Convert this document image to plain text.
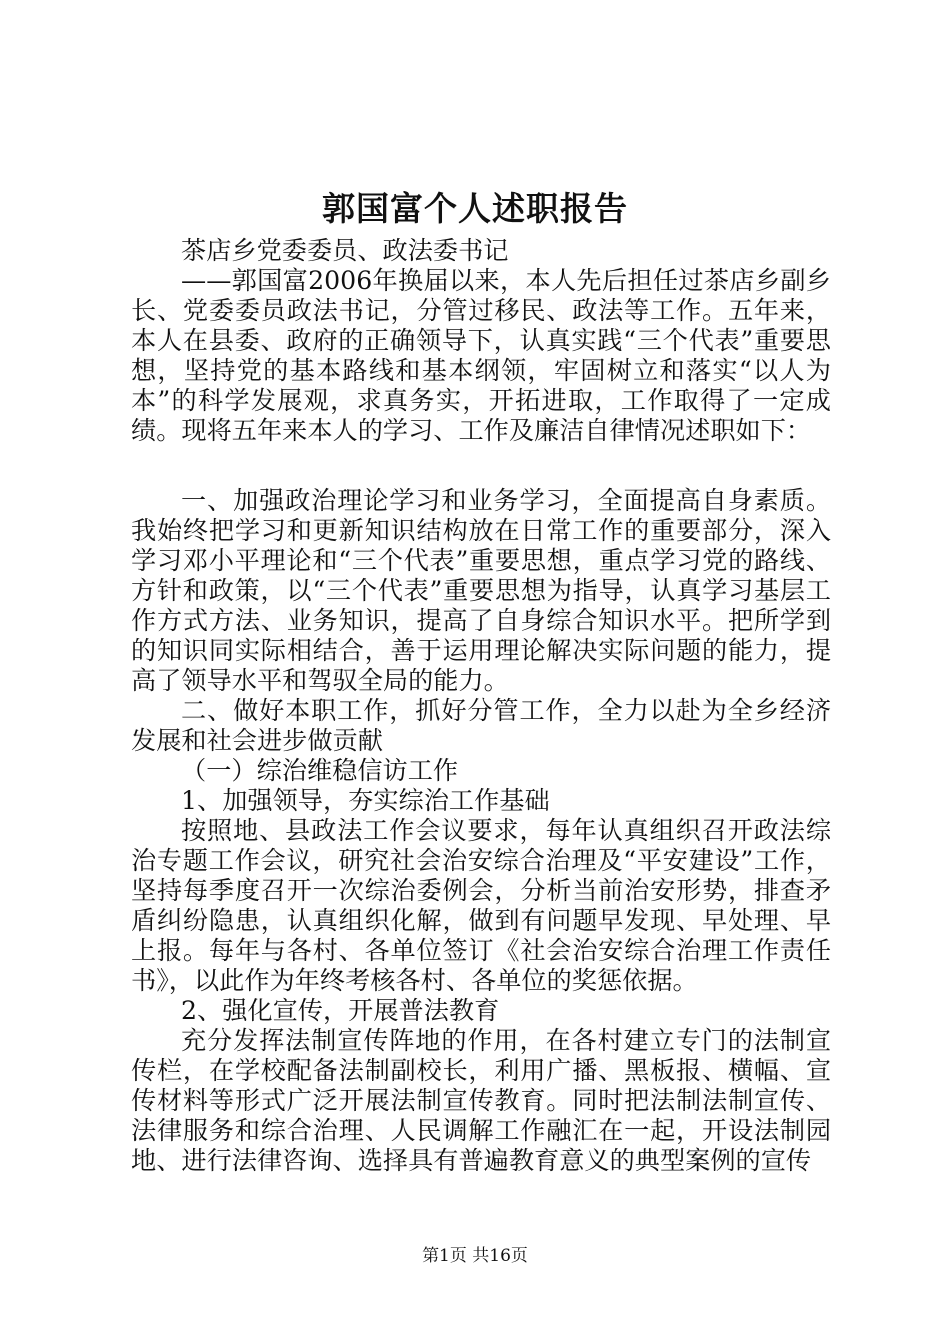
郭国富个人述职报告

茶店乡党委委员、政法委书记

——郭国富2006年换届以来，本人先后担任过茶店乡副乡长、党委委员政法书记，分管过移民、政法等工作。五年来，本人在县委、政府的正确领导下，认真实践“三个代表”重要思想，坚持党的基本路线和基本纲领，牢固树立和落实“以人为本”的科学发展观，求真务实，开拓进取，工作取得了一定成绩。现将五年来本人的学习、工作及廉洁自律情况述职如下：

一、加强政治理论学习和业务学习，全面提高自身素质。我始终把学习和更新知识结构放在日常工作的重要部分，深入学习邓小平理论和“三个代表”重要思想，重点学习党的路线、方针和政策，以“三个代表”重要思想为指导，认真学习基层工作方式方法、业务知识，提高了自身综合知识水平。把所学到的知识同实际相结合，善于运用理论解决实际问题的能力，提高了领导水平和驾驭全局的能力。

二、做好本职工作，抓好分管工作，全力以赴为全乡经济发展和社会进步做贡献

（一）综治维稳信访工作

1、加强领导，夯实综治工作基础

按照地、县政法工作会议要求，每年认真组织召开政法综治专题工作会议，研究社会治安综合治理及“平安建设”工作，坚持每季度召开一次综治委例会，分析当前治安形势，排查矛盾纠纷隐患，认真组织化解，做到有问题早发现、早处理、早上报。每年与各村、各单位签订《社会治安综合治理工作责任书》，以此作为年终考核各村、各单位的奖惩依据。

2、强化宣传，开展普法教育

充分发挥法制宣传阵地的作用，在各村建立专门的法制宣传栏，在学校配备法制副校长，利用广播、黑板报、横幅、宣传材料等形式广泛开展法制宣传教育。同时把法制法制宣传、法律服务和综合治理、人民调解工作融汇在一起，开设法制园地、进行法律咨询、选择具有普遍教育意义的典型案例的宣传

第1页 共16页
